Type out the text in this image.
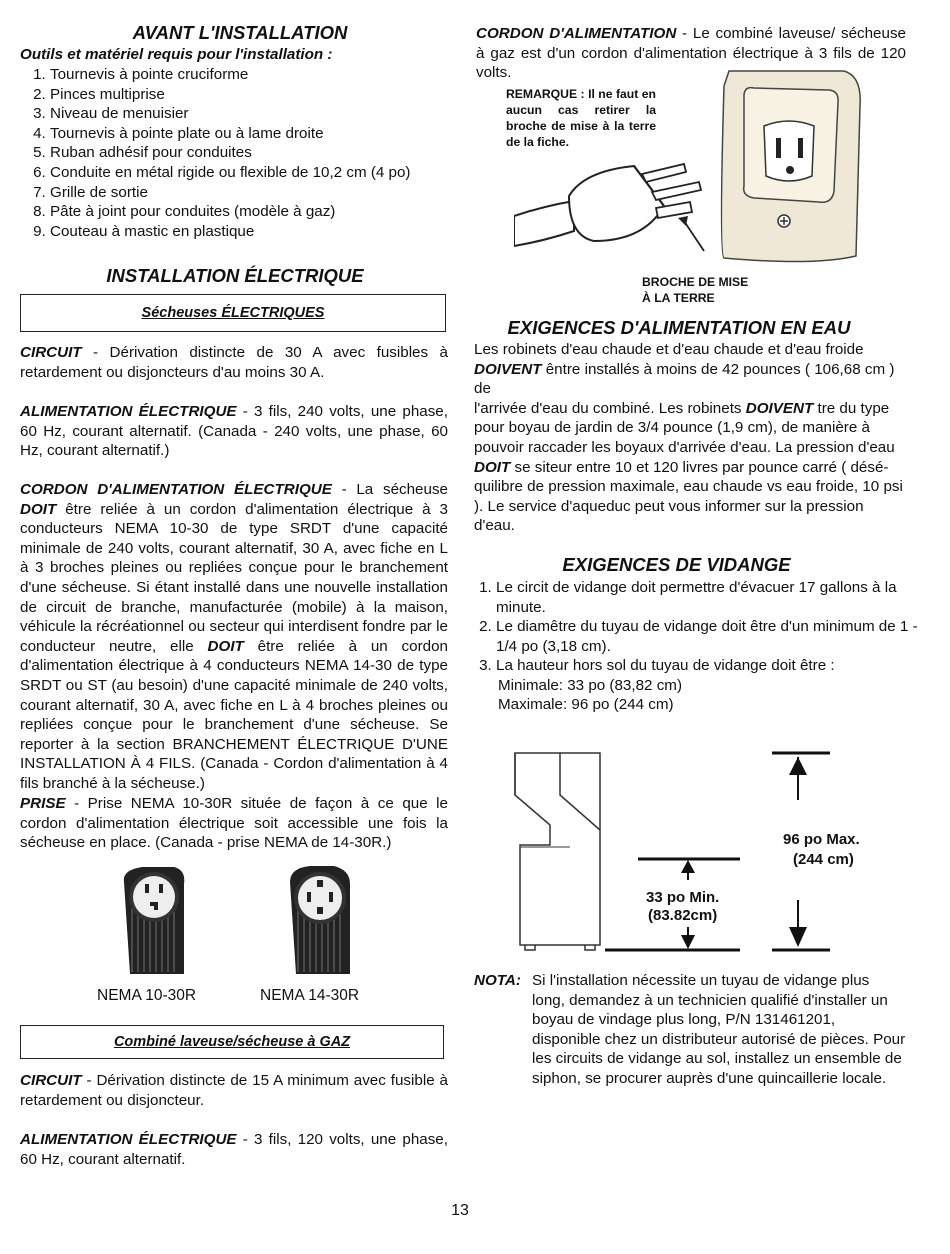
AVANT L'INSTALLATION

Outils et matériel requis pour l'installation :

1. Tournevis à pointe cruciforme
2. Pinces multiprise
3. Niveau de menuisier
4. Tournevis à pointe plate ou à lame droite
5. Ruban adhésif pour conduites
6. Conduite en métal rigide ou flexible de 10,2 cm (4 po)
7. Grille de sortie
8. Pâte à joint pour conduites (modèle à gaz)
9. Couteau à mastic en plastique
INSTALLATION ÉLECTRIQUE
Sécheuses ÉLECTRIQUES

CIRCUIT - Dérivation distincte de 30 A avec fusibles à retardement ou disjoncteurs d'au moins 30 A.

ALIMENTATION ÉLECTRIQUE - 3 fils, 240 volts, une phase, 60 Hz, courant alternatif. (Canada - 240 volts, une phase, 60 Hz, courant alternatif.)

CORDON D'ALIMENTATION ÉLECTRIQUE - La sécheuse DOIT être reliée à un cordon d'alimentation électrique à 3 conducteurs NEMA 10-30 de type SRDT d'une capacité minimale de 240 volts, courant alternatif, 30 A, avec fiche en L à 3 broches pleines ou repliées conçue pour le branchement d'une sécheuse. Si étant installé dans une nouvelle installation de circuit de branche, manufacturée (mobile) à la maison, véhicule la récréationnel ou secteur qui interdisent fondre par le conducteur neutre, elle DOIT être reliée à un cordon d'alimentation électrique à 4 conducteurs NEMA 14-30 de type SRDT ou ST (au besoin) d'une capacité minimale de 240 volts, courant alternatif, 30 A, avec fiche en L à 4 broches pleines ou repliées conçue pour le branchement d'une sécheuse. Se reporter à la section BRANCHEMENT ÉLECTRIQUE D'UNE INSTALLATION À 4 FILS. (Canada - Cordon d'alimentation à 4 fils branché à la sécheuse.)

PRISE - Prise NEMA 10-30R située de façon à ce que le cordon d'alimentation électrique soit accessible une fois la sécheuse en place. (Canada - prise NEMA de 14-30R.)

NEMA 10-30R	NEMA 14-30R
Combiné laveuse/sécheuse à GAZ

CIRCUIT - Dérivation distincte de 15 A minimum avec fusible à retardement ou disjoncteur.

ALIMENTATION ÉLECTRIQUE - 3 fils, 120 volts, une phase, 60 Hz, courant alternatif.

CORDON D'ALIMENTATION - Le combiné laveuse/ sécheuse à gaz est d'un cordon d'alimentation électrique à 3 fils de 120 volts.

REMARQUE : Il ne faut en aucun cas retirer la broche de mise à la terre de la fiche.

BROCHE DE MISE
À LA TERRE
EXIGENCES D'ALIMENTATION EN EAU

Les robinets d'eau chaude et d'eau chaude et d'eau froide DOIVENT êntre installés à moins de 42 pounces ( 106,68 cm ) de
l'arrivée d'eau du combiné. Les robinets DOIVENT tre du type pour boyau de jardin de 3/4 pounce (1,9 cm), de manière à pouvoir raccader les boyaux d'arrivée d'eau. La pression d'eau DOIT se siteur entre 10 et 120 livres par pounce carré ( désé-quilibre de pression maximale, eau chaude vs eau froide, 10 psi ). Le service d'aqueduc peut vous informer sur la pression d'eau.

EXIGENCES DE VIDANGE
1. Le circit de vidange doit permettre d'évacuer 17 gallons à la minute.
2. Le diamêtre du tuyau de vidange doit être d'un minimum de 1 - 1/4 po (3,18 cm).
3. La hauteur hors sol du tuyau de vidange doit être :
Minimale: 33 po (83,82 cm)
Maximale: 96 po (244 cm)
33 po Min.
(83.82cm)
96 po Max.
(244 cm)
NOTA: Si l'installation nécessite un tuyau de vidange plus long, demandez à un technicien qualifié d'installer un boyau de vindage plus long, P/N 131461201, disponible chez un distributeur autorisé de pièces. Pour les circuits de vidange au sol, installez un ensemble de siphon, se procurer auprès d'une quincaillerie locale.

13
